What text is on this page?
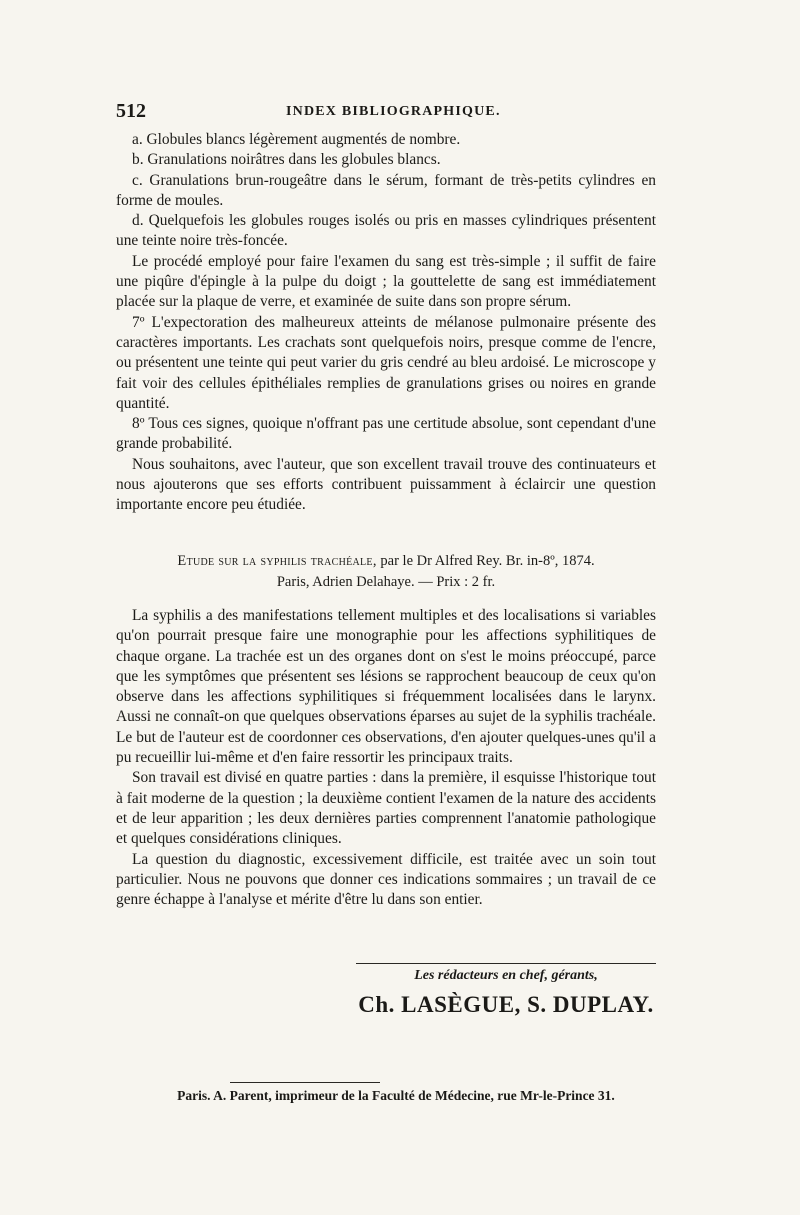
512	INDEX BIBLIOGRAPHIQUE.

a. Globules blancs légèrement augmentés de nombre.

b. Granulations noirâtres dans les globules blancs.

c. Granulations brun-rougeâtre dans le sérum, formant de très-petits cylindres en forme de moules.

d. Quelquefois les globules rouges isolés ou pris en masses cylindriques présentent une teinte noire très-foncée.

Le procédé employé pour faire l'examen du sang est très-simple ; il suffit de faire une piqûre d'épingle à la pulpe du doigt ; la gouttelette de sang est immédiatement placée sur la plaque de verre, et examinée de suite dans son propre sérum.

7º L'expectoration des malheureux atteints de mélanose pulmonaire présente des caractères importants. Les crachats sont quelquefois noirs, presque comme de l'encre, ou présentent une teinte qui peut varier du gris cendré au bleu ardoisé. Le microscope y fait voir des cellules épithéliales remplies de granulations grises ou noires en grande quantité.

8º Tous ces signes, quoique n'offrant pas une certitude absolue, sont cependant d'une grande probabilité.

Nous souhaitons, avec l'auteur, que son excellent travail trouve des continuateurs et nous ajouterons que ses efforts contribuent puissamment à éclaircir une question importante encore peu étudiée.

Etude sur la syphilis trachéale, par le Dr Alfred Rey. Br. in-8º, 1874.
Paris, Adrien Delahaye. — Prix : 2 fr.

La syphilis a des manifestations tellement multiples et des localisations si variables qu'on pourrait presque faire une monographie pour les affections syphilitiques de chaque organe. La trachée est un des organes dont on s'est le moins préoccupé, parce que les symptômes que présentent ses lésions se rapprochent beaucoup de ceux qu'on observe dans les affections syphilitiques si fréquemment localisées dans le larynx. Aussi ne connaît-on que quelques observations éparses au sujet de la syphilis trachéale. Le but de l'auteur est de coordonner ces observations, d'en ajouter quelques-unes qu'il a pu recueillir lui-même et d'en faire ressortir les principaux traits.

Son travail est divisé en quatre parties : dans la première, il esquisse l'historique tout à fait moderne de la question ; la deuxième contient l'examen de la nature des accidents et de leur apparition ; les deux dernières parties comprennent l'anatomie pathologique et quelques considérations cliniques.

La question du diagnostic, excessivement difficile, est traitée avec un soin tout particulier. Nous ne pouvons que donner ces indications sommaires ; un travail de ce genre échappe à l'analyse et mérite d'être lu dans son entier.

Les rédacteurs en chef, gérants,
Ch. LASÈGUE, S. DUPLAY.
Paris. A. Parent, imprimeur de la Faculté de Médecine, rue Mr-le-Prince 31.
